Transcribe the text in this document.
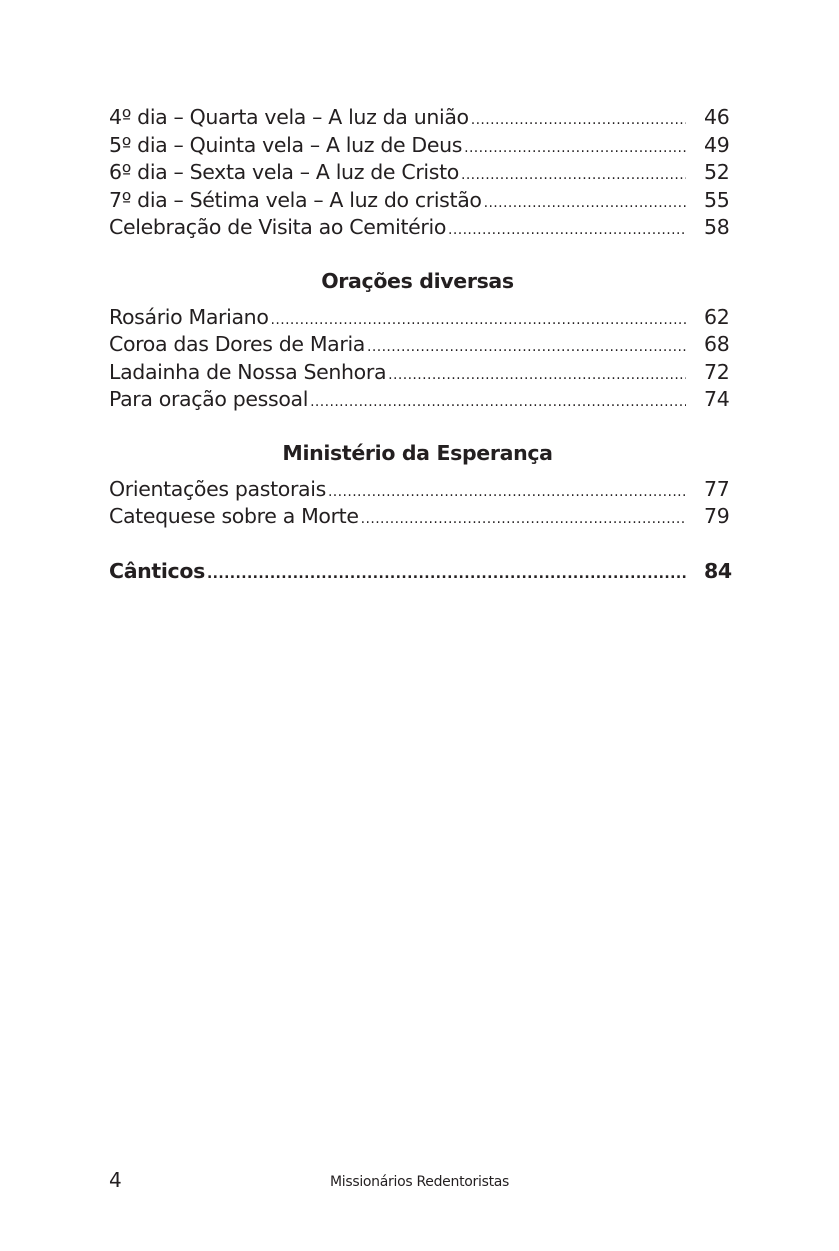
4º dia – Quarta vela – A luz da união .....	46
5º dia – Quinta vela – A luz de Deus .....	49
6º dia – Sexta vela – A luz de Cristo .....	52
7º dia – Sétima vela – A luz do cristão .....	55
Celebração de Visita ao Cemitério .....	58
Orações diversas
Rosário Mariano .....	62
Coroa das Dores de Maria .....	68
Ladainha de Nossa Senhora .....	72
Para oração pessoal .....	74
Ministério da Esperança
Orientações pastorais .....	77
Catequese sobre a Morte .....	79
Cânticos .....	84
4	Missionários Redentoristas
